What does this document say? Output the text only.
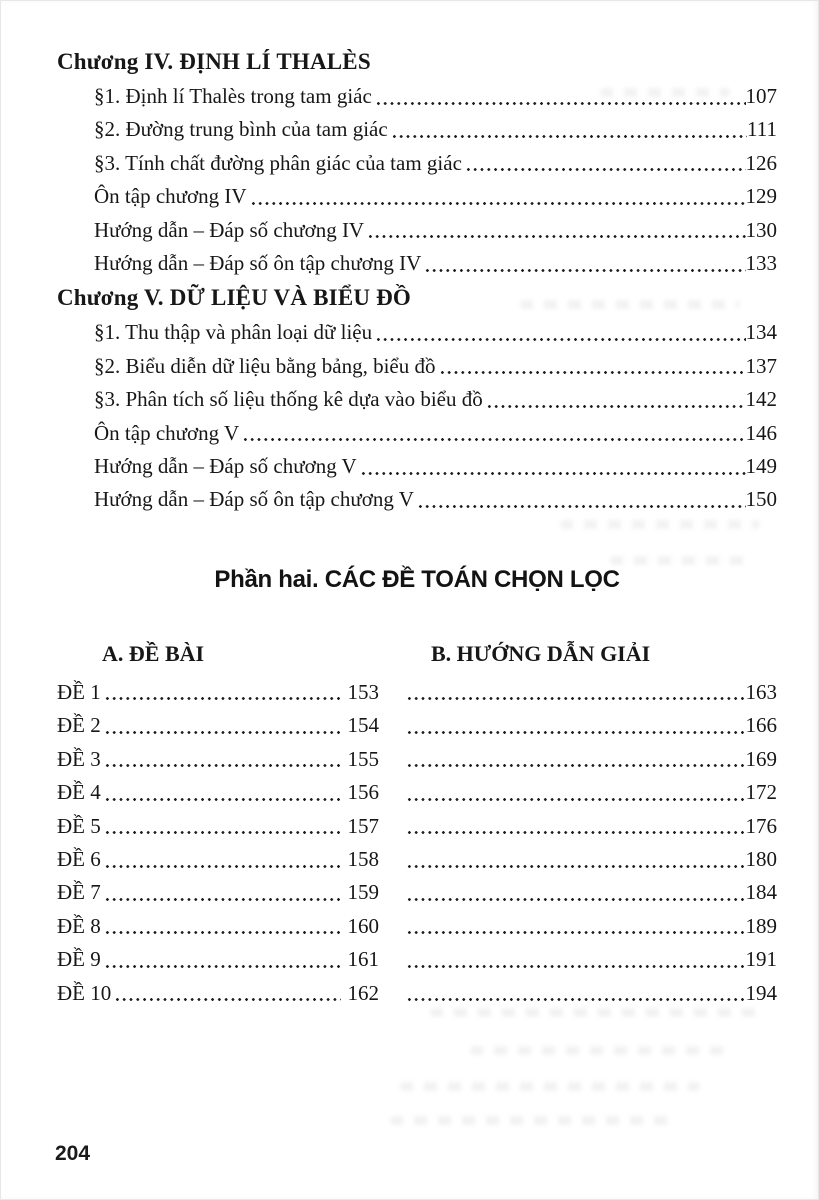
Chương IV. ĐỊNH LÍ THALÈS
§1. Định lí Thalès trong tam giác	107
§2. Đường trung bình của tam giác	111
§3. Tính chất đường phân giác của tam giác	126
Ôn tập chương IV	129
Hướng dẫn – Đáp số chương IV	130
Hướng dẫn – Đáp số ôn tập chương IV	133
Chương V. DỮ LIỆU VÀ BIỂU ĐỒ
§1. Thu thập và phân loại dữ liệu	134
§2. Biểu diễn dữ liệu bằng bảng, biểu đồ	137
§3. Phân tích số liệu thống kê dựa vào biểu đồ	142
Ôn tập chương V	146
Hướng dẫn – Đáp số chương V	149
Hướng dẫn – Đáp số ôn tập chương V	150
Phần hai. CÁC ĐỀ TOÁN CHỌN LỌC
A. ĐỀ BÀI	B. HƯỚNG DẪN GIẢI
ĐỀ 1	153	163
ĐỀ 2	154	166
ĐỀ 3	155	169
ĐỀ 4	156	172
ĐỀ 5	157	176
ĐỀ 6	158	180
ĐỀ 7	159	184
ĐỀ 8	160	189
ĐỀ 9	161	191
ĐỀ 10	162	194
204
